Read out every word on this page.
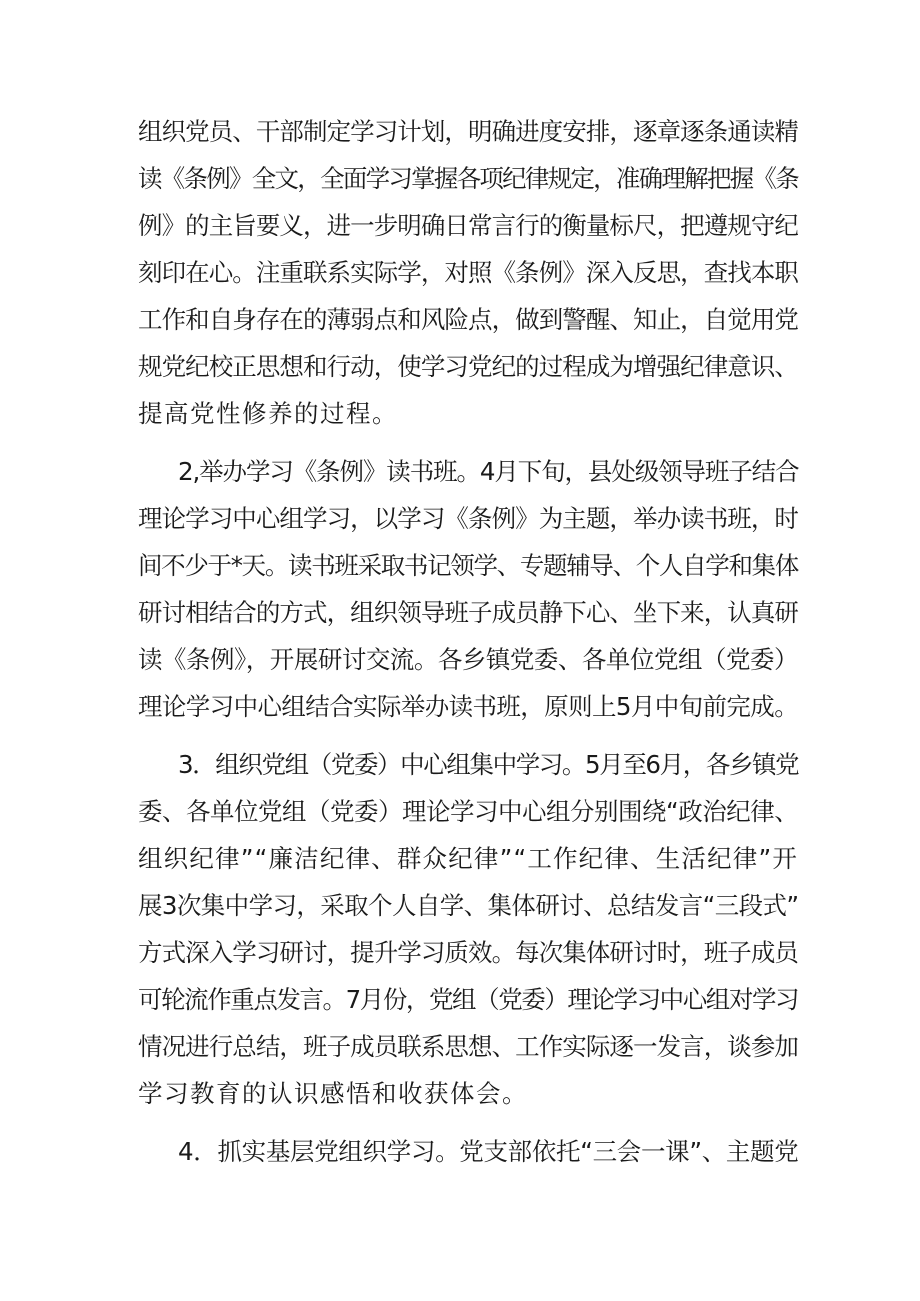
组织党员、干部制定学习计划，明确进度安排，逐章逐条通读精
读《条例》全文，全面学习掌握各项纪律规定，准确理解把握《条
例》的主旨要义，进一步明确日常言行的衡量标尺，把遵规守纪
刻印在心。注重联系实际学，对照《条例》深入反思，查找本职
工作和自身存在的薄弱点和风险点，做到警醒、知止，自觉用党
规党纪校正思想和行动，使学习党纪的过程成为增强纪律意识、
提高党性修养的过程。
2,举办学习《条例》读书班。4月下旬，县处级领导班子结合
理论学习中心组学习，以学习《条例》为主题，举办读书班，时
间不少于*天。读书班采取书记领学、专题辅导、个人自学和集体
研讨相结合的方式，组织领导班子成员静下心、坐下来，认真研
读《条例》，开展研讨交流。各乡镇党委、各单位党组（党委）
理论学习中心组结合实际举办读书班，原则上5月中旬前完成。
3．组织党组（党委）中心组集中学习。5月至6月，各乡镇党
委、各单位党组（党委）理论学习中心组分别围绕“政治纪律、
组织纪律”“廉洁纪律、群众纪律”“工作纪律、生活纪律”开
展3次集中学习，采取个人自学、集体研讨、总结发言“三段式”
方式深入学习研讨，提升学习质效。每次集体研讨时，班子成员
可轮流作重点发言。7月份，党组（党委）理论学习中心组对学习
情况进行总结，班子成员联系思想、工作实际逐一发言，谈参加
学习教育的认识感悟和收获体会。
4．抓实基层党组织学习。党支部依托“三会一课”、主题党
